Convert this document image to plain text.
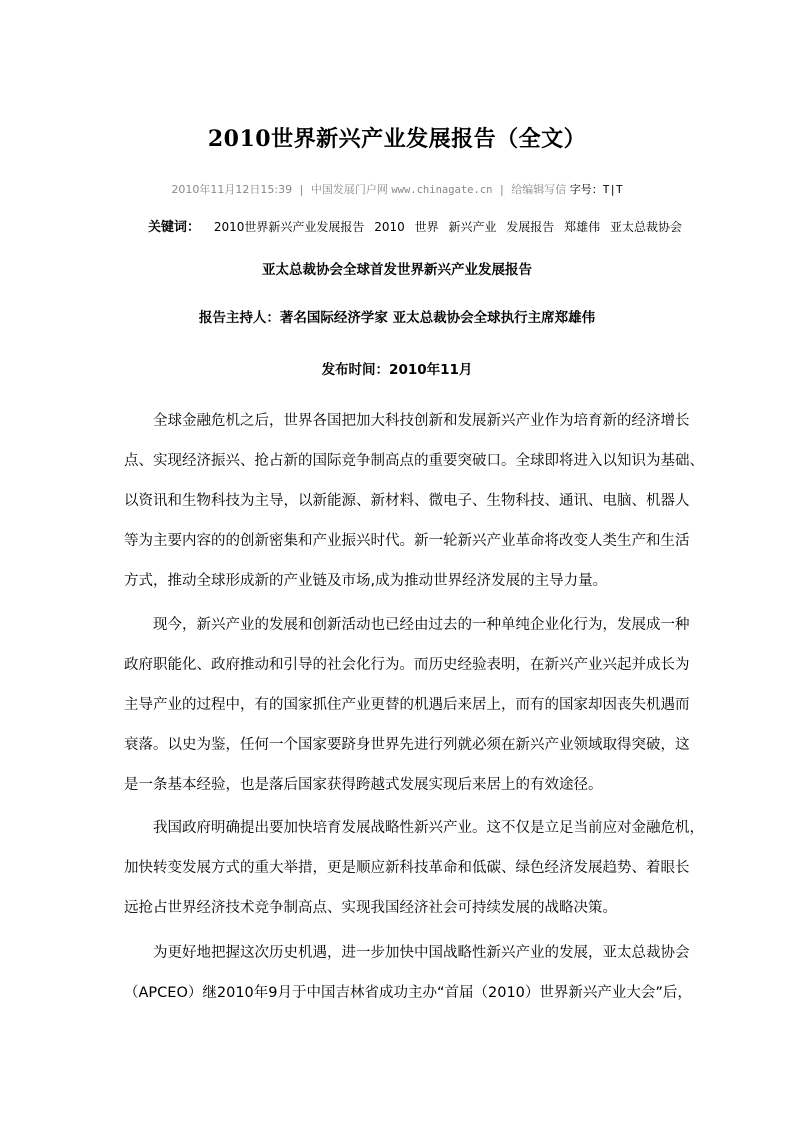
2010世界新兴产业发展报告（全文）
2010年11月12日15:39 | 中国发展门户网 www.chinagate.cn | 给编辑写信 字号：T|T
关键词： 2010世界新兴产业发展报告 2010 世界 新兴产业 发展报告 郑雄伟 亚太总裁协会
亚太总裁协会全球首发世界新兴产业发展报告
报告主持人：著名国际经济学家 亚太总裁协会全球执行主席郑雄伟
发布时间：2010年11月
　　全球金融危机之后，世界各国把加大科技创新和发展新兴产业作为培育新的经济增长
点、实现经济振兴、抢占新的国际竞争制高点的重要突破口。全球即将进入以知识为基础、
以资讯和生物科技为主导，以新能源、新材料、微电子、生物科技、通讯、电脑、机器人
等为主要内容的的创新密集和产业振兴时代。新一轮新兴产业革命将改变人类生产和生活
方式，推动全球形成新的产业链及市场,成为推动世界经济发展的主导力量。
　　现今，新兴产业的发展和创新活动也已经由过去的一种单纯企业化行为，发展成一种
政府职能化、政府推动和引导的社会化行为。而历史经验表明，在新兴产业兴起并成长为
主导产业的过程中，有的国家抓住产业更替的机遇后来居上，而有的国家却因丧失机遇而
衰落。以史为鉴，任何一个国家要跻身世界先进行列就必须在新兴产业领域取得突破，这
是一条基本经验，也是落后国家获得跨越式发展实现后来居上的有效途径。
　　我国政府明确提出要加快培育发展战略性新兴产业。这不仅是立足当前应对金融危机，
加快转变发展方式的重大举措，更是顺应新科技革命和低碳、绿色经济发展趋势、着眼长
远抢占世界经济技术竞争制高点、实现我国经济社会可持续发展的战略决策。
　　为更好地把握这次历史机遇，进一步加快中国战略性新兴产业的发展，亚太总裁协会
（APCEO）继2010年9月于中国吉林省成功主办“首届（2010）世界新兴产业大会”后，
